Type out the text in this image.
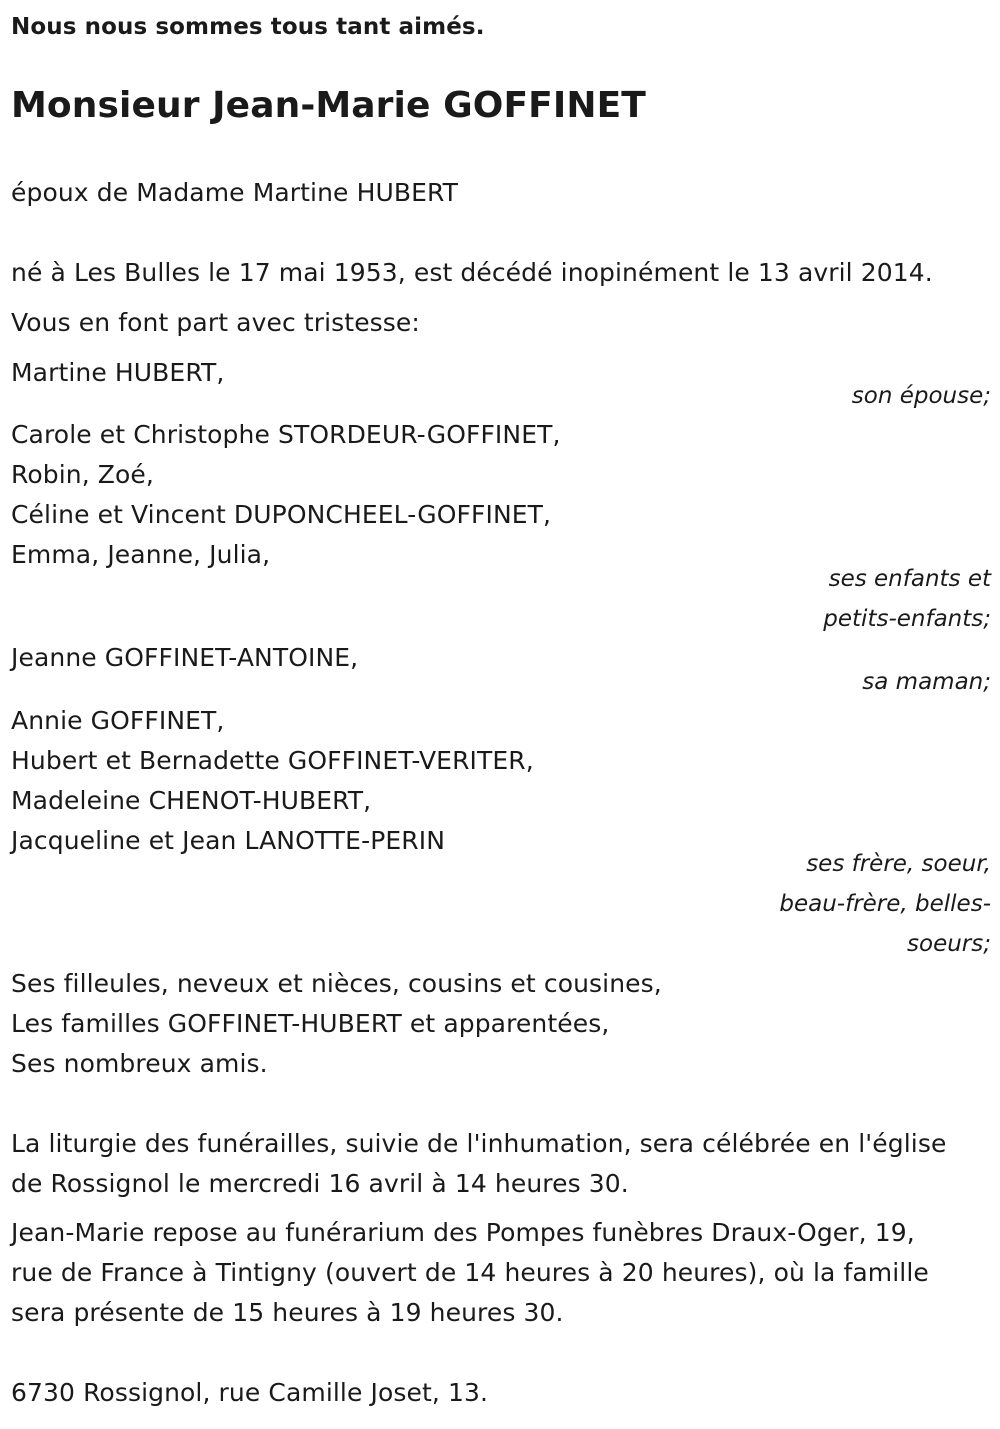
Nous nous sommes tous tant aimés.
Monsieur Jean-Marie GOFFINET
époux de Madame Martine HUBERT
né à Les Bulles le 17 mai 1953, est décédé inopinément le 13 avril 2014.
Vous en font part avec tristesse:
Martine HUBERT,
son épouse;
Carole et Christophe STORDEUR-GOFFINET,
Robin, Zoé,
Céline et Vincent DUPONCHEEL-GOFFINET,
Emma, Jeanne, Julia,
ses enfants et
petits-enfants;
Jeanne GOFFINET-ANTOINE,
sa maman;
Annie GOFFINET,
Hubert et Bernadette GOFFINET-VERITER,
Madeleine CHENOT-HUBERT,
Jacqueline et Jean LANOTTE-PERIN
ses frère, soeur,
beau-frère, belles-
soeurs;
Ses filleules, neveux et nièces, cousins et cousines,
Les familles GOFFINET-HUBERT et apparentées,
Ses nombreux amis.
La liturgie des funérailles, suivie de l'inhumation, sera célébrée en l'église
de Rossignol le mercredi 16 avril à 14 heures 30.
Jean-Marie repose au funérarium des Pompes funèbres Draux-Oger, 19,
rue de France à Tintigny (ouvert de 14 heures à 20 heures), où la famille
sera présente de 15 heures à 19 heures 30.
6730 Rossignol, rue Camille Joset, 13.
